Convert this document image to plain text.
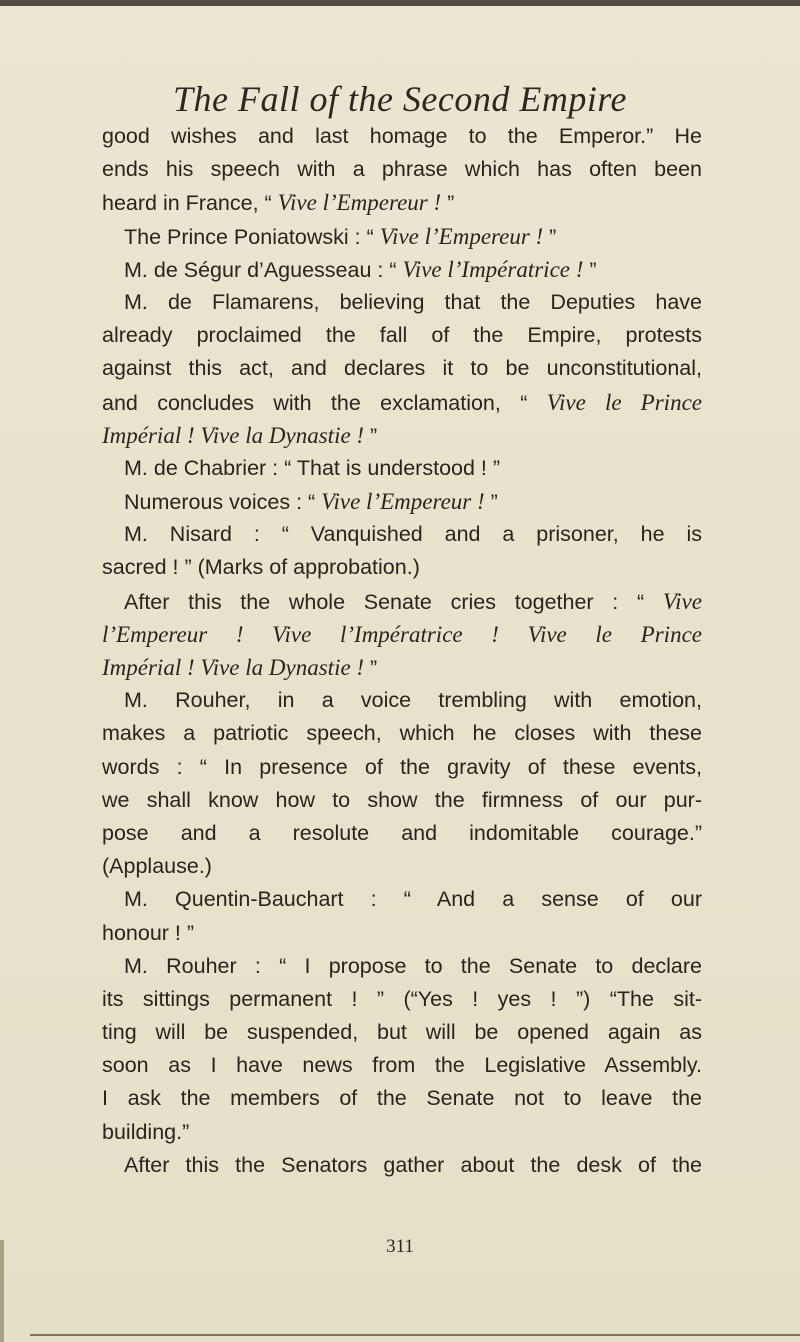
The Fall of the Second Empire
good wishes and last homage to the Emperor.” He
ends his speech with a phrase which has often been
heard in France, “ Vive l’Empereur ! ”
The Prince Poniatowski : “ Vive l’Empereur ! ”
M. de Ségur d’Aguesseau : “ Vive l’Impératrice ! ”
M. de Flamarens, believing that the Deputies have
already proclaimed the fall of the Empire, protests
against this act, and declares it to be unconstitutional,
and concludes with the exclamation, “ Vive le Prince
Impérial ! Vive la Dynastie ! ”
M. de Chabrier : “ That is understood ! ”
Numerous voices : “ Vive l’Empereur ! ”
M. Nisard : “ Vanquished and a prisoner, he is
sacred ! ” (Marks of approbation.)
After this the whole Senate cries together : “ Vive
l’Empereur ! Vive l’Impératrice ! Vive le Prince
Impérial ! Vive la Dynastie ! ”
M. Rouher, in a voice trembling with emotion,
makes a patriotic speech, which he closes with these
words : “ In presence of the gravity of these events,
we shall know how to show the firmness of our pur-
pose and a resolute and indomitable courage.”
(Applause.)
M. Quentin-Bauchart : “ And a sense of our
honour ! ”
M. Rouher : “ I propose to the Senate to declare
its sittings permanent ! ” (“Yes ! yes ! ”) “The sit-
ting will be suspended, but will be opened again as
soon as I have news from the Legislative Assembly.
I ask the members of the Senate not to leave the
building.”
After this the Senators gather about the desk of the
311
